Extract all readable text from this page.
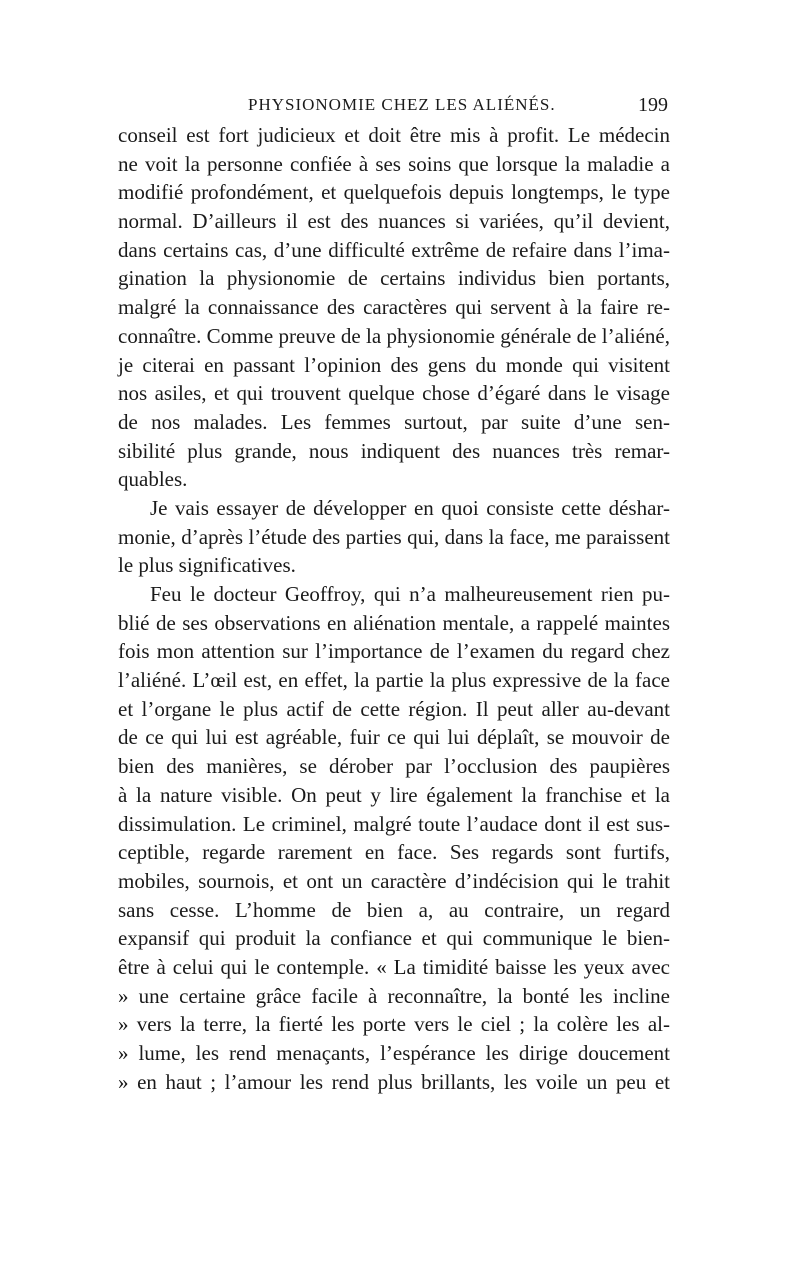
PHYSIONOMIE CHEZ LES ALIÉNÉS.	199
conseil est fort judicieux et doit être mis à profit. Le médecin
ne voit la personne confiée à ses soins que lorsque la maladie a
modifié profondément, et quelquefois depuis longtemps, le type
normal. D’ailleurs il est des nuances si variées, qu’il devient,
dans certains cas, d’une difficulté extrême de refaire dans l’ima-
gination la physionomie de certains individus bien portants,
malgré la connaissance des caractères qui servent à la faire re-
connaître. Comme preuve de la physionomie générale de l’aliéné,
je citerai en passant l’opinion des gens du monde qui visitent
nos asiles, et qui trouvent quelque chose d’égaré dans le visage
de nos malades. Les femmes surtout, par suite d’une sen-
sibilité plus grande, nous indiquent des nuances très remar-
quables.
Je vais essayer de développer en quoi consiste cette déshar-
monie, d’après l’étude des parties qui, dans la face, me paraissent
le plus significatives.
Feu le docteur Geoffroy, qui n’a malheureusement rien pu-
blié de ses observations en aliénation mentale, a rappelé maintes
fois mon attention sur l’importance de l’examen du regard chez
l’aliéné. L’œil est, en effet, la partie la plus expressive de la face
et l’organe le plus actif de cette région. Il peut aller au-devant
de ce qui lui est agréable, fuir ce qui lui déplaît, se mouvoir de
bien des manières, se dérober par l’occlusion des paupières
à la nature visible. On peut y lire également la franchise et la
dissimulation. Le criminel, malgré toute l’audace dont il est sus-
ceptible, regarde rarement en face. Ses regards sont furtifs,
mobiles, sournois, et ont un caractère d’indécision qui le trahit
sans cesse. L’homme de bien a, au contraire, un regard
expansif qui produit la confiance et qui communique le bien-
être à celui qui le contemple. « La timidité baisse les yeux avec
» une certaine grâce facile à reconnaître, la bonté les incline
» vers la terre, la fierté les porte vers le ciel ; la colère les al-
» lume, les rend menaçants, l’espérance les dirige doucement
» en haut ; l’amour les rend plus brillants, les voile un peu et
